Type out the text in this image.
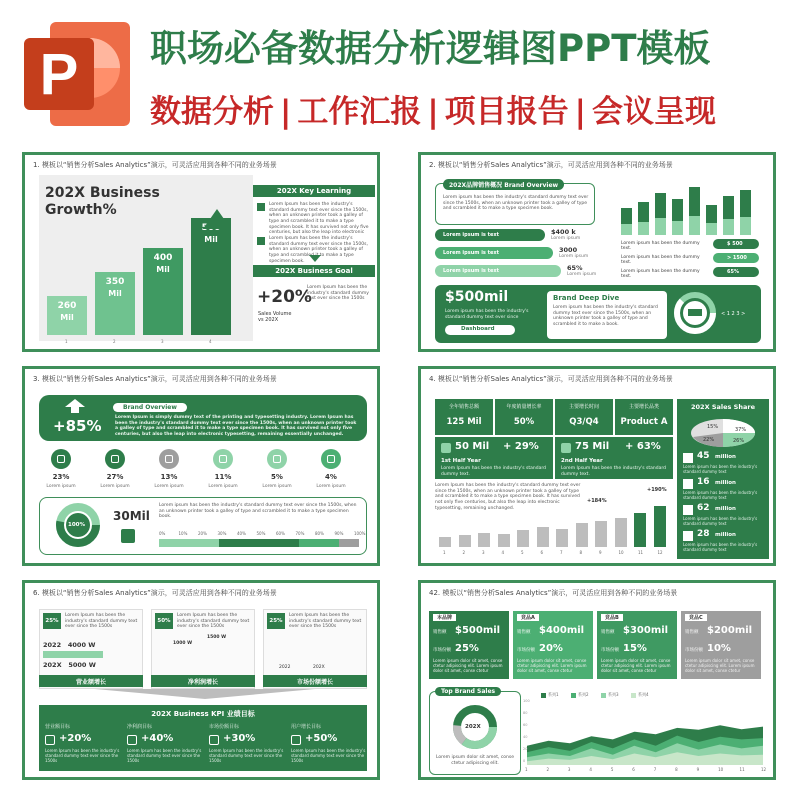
P 职场必备数据分析逻辑图PPT模板
数据分析 | 工作汇报 | 项目报告 | 会议呈现
1. 模板以“销售分析Sales Analytics”演示，可灵活应用到各种不同的业务场景
202X Business
Growth%
202X Key Learning
Lorem Ipsum has been the industry's standard dummy text ever since the 1500s, when an unknown printer took a galley of type and scrambled it to make a type specimen book. It has survived not only five centuries, but also the leap into electronic
Lorem Ipsum has been the industry's standard dummy text ever since the 1500s, when an unknown printer took a galley of type and scrambled it to make a type specimen book.
202X Business Goal
+20%
Sales Volume vs 202X
Lorem Ipsum has been the industry's standard dummy text ever since the 1500s
260
Mil
1
350
Mil
2
400
Mil
3
500
Mil
4
2. 模板以“销售分析Sales Analytics”演示，可灵活应用到各种不同的业务场景
202X品牌销售概况 Brand Overview
Lorem ipsum has been the industry's standard dummy text ever since the 1500s, when an unknown printer took a galley of type and scrambled it to make a type specimen book.
$500mil
Lorem ipsum has been the industry's standard dummy text ever since
Dashboard
Brand Deep Dive
Lorem ipsum has been the industry's standard dummy text ever since the 1500s, when an unknown printer took a galley of type and scrambled it to make a book.
< 1 2 3 >
Lorem ipsum is text	$400 k
Lorem ipsum
Lorem ipsum is text	3000
Lorem ipsum
Lorem ipsum is text	65%
Lorem ipsum
Lorem ipsum has been the dummy text.
$ 500
Lorem ipsum has been the dummy text.
> 1500
Lorem ipsum has been the dummy text.
65%
3. 模板以“销售分析Sales Analytics”演示，可灵活应用到各种不同的业务场景
+85%
Brand Overview
Lorem Ipsum is simply dummy text of the printing and typesetting industry. Lorem Ipsum has been the industry's standard dummy text ever since the 1500s, when an unknown printer took a galley of type and scrambled it to make a type specimen book. It has survived not only five centuries, but also the leap into electronic typesetting, remaining essentially unchanged.
100%
30Mil
Lorem ipsum has been the industry's standard dummy text ever since the 1500s, when an unknown printer took a galley of type and scrambled it to make a type specimen book.
23%
Lorem ipsum
27%
Lorem ipsum
13%
Lorem ipsum
11%
Lorem ipsum
5%
Lorem ipsum
4%
Lorem ipsum
0%	10%	20%	30%	40%	50%	60%	70%	80%	90%	100%
4. 模板以“销售分析Sales Analytics”演示，可灵活应用到各种不同的业务场景
50 Mil + 29%
1st Half Year
Lorem Ipsum has been the industry's standard dummy text.
75 Mil + 63%
2nd Half Year
Lorem Ipsum has been the industry's standard dummy text.
Lorem Ipsum has been the industry's standard dummy text ever since the 1500s, when an unknown printer took a galley of type and scrambled it to make a type specimen book. It has survived not only five centuries, but also the leap into electronic typesetting, remaining unchanged.
+184%
+190%
202X Sales Share
37%
26%
22%
15%
全年销售总额
125 Mil
年度销量增长率
50%
主要增长时间
Q3/Q4
主要增长品类
Product A
1	2	3	4	5	6	7	8	9	10	11	12
45 million
Lorem ipsum has been the industry's standard dummy text
16 million
Lorem ipsum has been the industry's standard dummy text
62 million
Lorem ipsum has been the industry's standard dummy text
28 million
Lorem ipsum has been the industry's standard dummy text
6. 模板以“销售分析Sales Analytics”演示，可灵活应用到各种不同的业务场景
202X Business KPI 业绩目标
25%
Lorem Ipsum has been the industry's standard dummy text ever since the 1500s
2022   4000 W
202X   5000 W
营业额增长
50%
Lorem Ipsum has been the industry's standard dummy text ever since the 1500s
1000 W
1500 W
净利润增长
25%
Lorem Ipsum has been the industry's standard dummy text ever since the 1500s
2022	202X
市场份额增长
营业额目标
+20%
Lorem Ipsum has been the industry's standard dummy text ever since the 1500s
净利润目标
+40%
Lorem Ipsum has been the industry's standard dummy text ever since the 1500s
市场份额目标
+30%
Lorem Ipsum has been the industry's standard dummy text ever since the 1500s
用户增长目标
+50%
Lorem Ipsum has been the industry's standard dummy text ever since the 1500s
42. 模板以“销售分析Sales Analytics”演示，可灵活应用到各种不同的业务场景
Top Brand Sales
202X
Lorem ipsum dolor sit amet, conse ctetur adipiscing elit.
本品牌
销售额 $500mil
市场份额 25%
Lorem ipsum dolor sit amet, conse ctetur adipiscing elit. Lorem ipsum dolor sit amet, conse ctetur
竞品A
销售额 $400mil
市场份额 20%
Lorem ipsum dolor sit amet, conse ctetur adipiscing elit. Lorem ipsum dolor sit amet, conse ctetur
竞品B
销售额 $300mil
市场份额 15%
Lorem ipsum dolor sit amet, conse ctetur adipiscing elit. Lorem ipsum dolor sit amet, conse ctetur
竞品C
销售额 $200mil
市场份额 10%
Lorem ipsum dolor sit amet, conse ctetur adipiscing elit. Lorem ipsum dolor sit amet, conse ctetur
系列1	系列2	系列3	系列4
1	2	3	4	5	6	7	8	9	10	11	12
100
80
60
40
20
0
